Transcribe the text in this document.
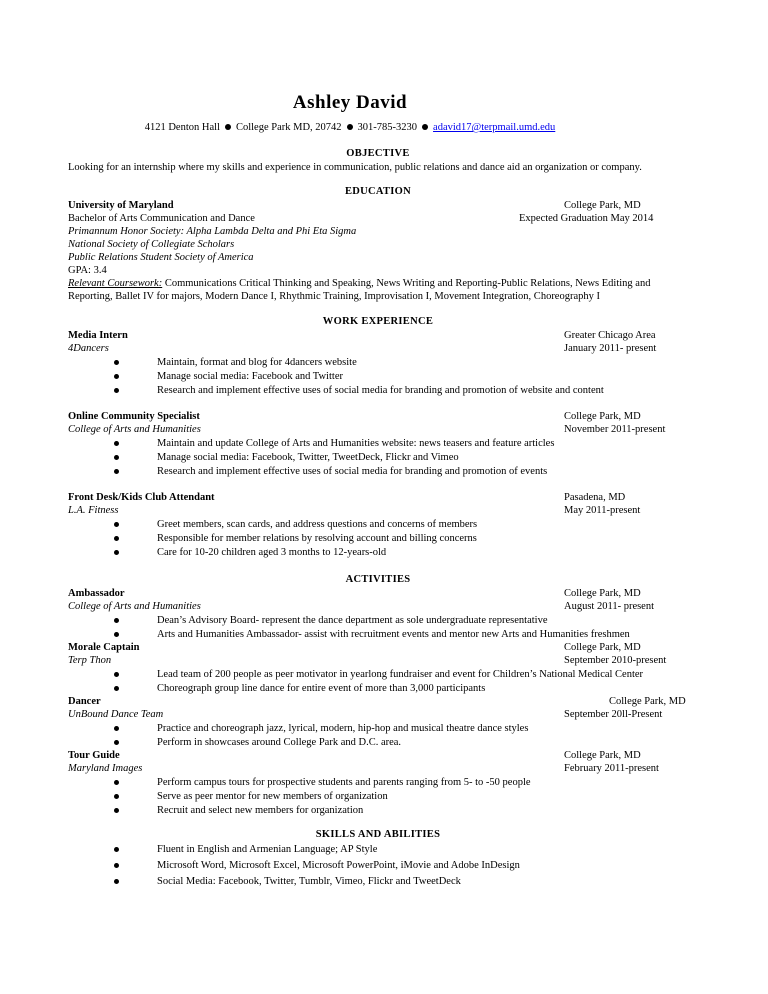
Ashley David
4121 Denton Hall College Park MD, 20742 301-785-3230 adavid17@terpmail.umd.edu
OBJECTIVE
Looking for an internship where my skills and experience in communication, public relations and dance aid an organization or company.
EDUCATION
University of Maryland	College Park, MD
Bachelor of Arts Communication and Dance	Expected Graduation May 2014
Primannum Honor Society: Alpha Lambda Delta and Phi Eta Sigma
National Society of Collegiate Scholars
Public Relations Student Society of America
GPA: 3.4
Relevant Coursework: Communications Critical Thinking and Speaking, News Writing and Reporting-Public Relations, News Editing and
Reporting, Ballet IV for majors, Modern Dance I, Rhythmic Training, Improvisation I, Movement Integration, Choreography I
WORK EXPERIENCE
Media Intern	Greater Chicago Area
4Dancers	January 2011- present
Maintain, format and blog for 4dancers website
Manage social media: Facebook and Twitter
Research and implement effective uses of social media for branding and promotion of website and content
Online Community Specialist	College Park, MD
College of Arts and Humanities	November 2011-present
Maintain and update College of Arts and Humanities website: news teasers and feature articles
Manage social media: Facebook, Twitter, TweetDeck, Flickr and Vimeo
Research and implement effective uses of social media for branding and promotion of events
Front Desk/Kids Club Attendant	Pasadena, MD
L.A. Fitness	May 2011-present
Greet members, scan cards, and address questions and concerns of members
Responsible for member relations by resolving account and billing concerns
Care for 10-20 children aged 3 months to 12-years-old
ACTIVITIES
Ambassador	College Park, MD
College of Arts and Humanities	August 2011- present
Dean’s Advisory Board- represent the dance department as sole undergraduate representative
Arts and Humanities Ambassador- assist with recruitment events and mentor new Arts and Humanities freshmen
Morale Captain	College Park, MD
Terp Thon	September 2010-present
Lead team of 200 people as peer motivator in yearlong fundraiser and event for Children’s National Medical Center
Choreograph group line dance for entire event of more than 3,000 participants
Dancer	College Park, MD
UnBound Dance Team	September 20ll-Present
Practice and choreograph jazz, lyrical, modern, hip-hop and musical theatre dance styles
Perform in showcases around College Park and D.C. area.
Tour Guide	College Park, MD
Maryland Images	February 2011-present
Perform campus tours for prospective students and parents ranging from 5- to -50 people
Serve as peer mentor for new members of organization
Recruit and select new members for organization
SKILLS AND ABILITIES
Fluent in English and Armenian Language; AP Style
Microsoft Word, Microsoft Excel, Microsoft PowerPoint, iMovie and Adobe InDesign
Social Media: Facebook, Twitter, Tumblr, Vimeo, Flickr and TweetDeck
